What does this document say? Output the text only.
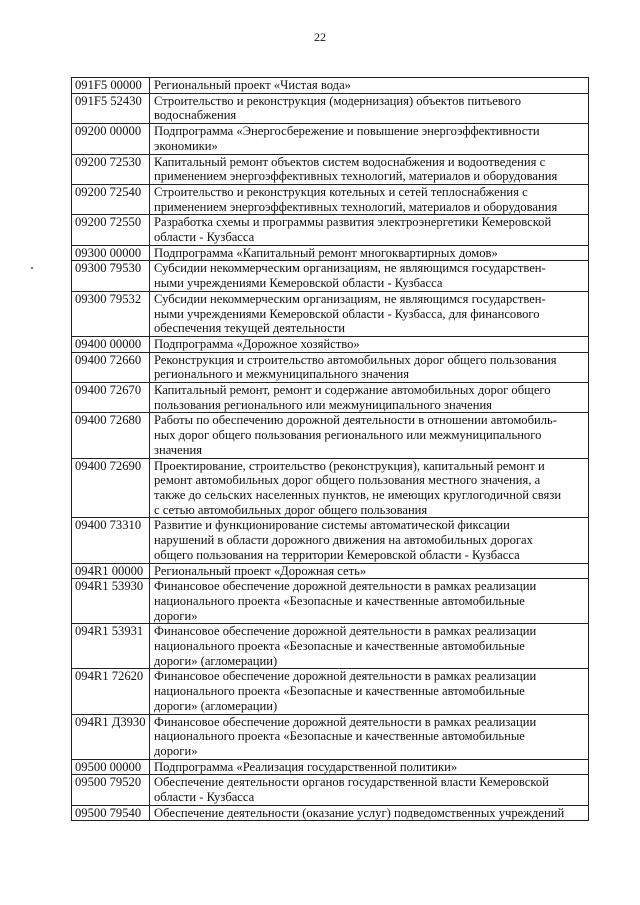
22
091F5 00000	Региональный проект «Чистая вода»

091F5 52430	Строительство и реконструкция (модернизация) объектов питьевого
водоснабжения

09200 00000	Подпрограмма «Энергосбережение и повышение энергоэффективности
экономики»

09200 72530	Капитальный ремонт объектов систем водоснабжения и водоотведения с
применением энергоэффективных технологий, материалов и оборудования

09200 72540	Строительство и реконструкция котельных и сетей теплоснабжения с
применением энергоэффективных технологий, материалов и оборудования

09200 72550	Разработка схемы и программы развития электроэнергетики Кемеровской
области - Кузбасса

09300 00000	Подпрограмма «Капитальный ремонт многоквартирных домов»

09300 79530	Субсидии некоммерческим организациям, не являющимся государствен-
ными учреждениями Кемеровской области - Кузбасса

09300 79532	Субсидии некоммерческим организациям, не являющимся государствен-
ными учреждениями Кемеровской области - Кузбасса, для финансового
обеспечения текущей деятельности

09400 00000	Подпрограмма «Дорожное хозяйство»

09400 72660	Реконструкция и строительство автомобильных дорог общего пользования
регионального и межмуниципального значения

09400 72670	Капитальный ремонт, ремонт и содержание автомобильных дорог общего
пользования регионального или межмуниципального значения

09400 72680	Работы по обеспечению дорожной деятельности в отношении автомобиль-
ных дорог общего пользования регионального или межмуниципального
значения

09400 72690	Проектирование, строительство (реконструкция), капитальный ремонт и
ремонт автомобильных дорог общего пользования местного значения, а
также до сельских населенных пунктов, не имеющих круглогодичной связи
с сетью автомобильных дорог общего пользования

09400 73310	Развитие и функционирование системы автоматической фиксации
нарушений в области дорожного движения на автомобильных дорогах
общего пользования на территории Кемеровской области - Кузбасса

094R1 00000	Региональный проект «Дорожная сеть»

094R1 53930	Финансовое обеспечение дорожной деятельности в рамках реализации
национального проекта «Безопасные и качественные автомобильные
дороги»

094R1 53931	Финансовое обеспечение дорожной деятельности в рамках реализации
национального проекта «Безопасные и качественные автомобильные
дороги» (агломерации)

094R1 72620	Финансовое обеспечение дорожной деятельности в рамках реализации
национального проекта «Безопасные и качественные автомобильные
дороги» (агломерации)

094R1 Д3930	Финансовое обеспечение дорожной деятельности в рамках реализации
национального проекта «Безопасные и качественные автомобильные
дороги»

09500 00000	Подпрограмма «Реализация государственной политики»

09500 79520	Обеспечение деятельности органов государственной власти Кемеровской
области - Кузбасса

09500 79540	Обеспечение деятельности (оказание услуг) подведомственных учреждений
